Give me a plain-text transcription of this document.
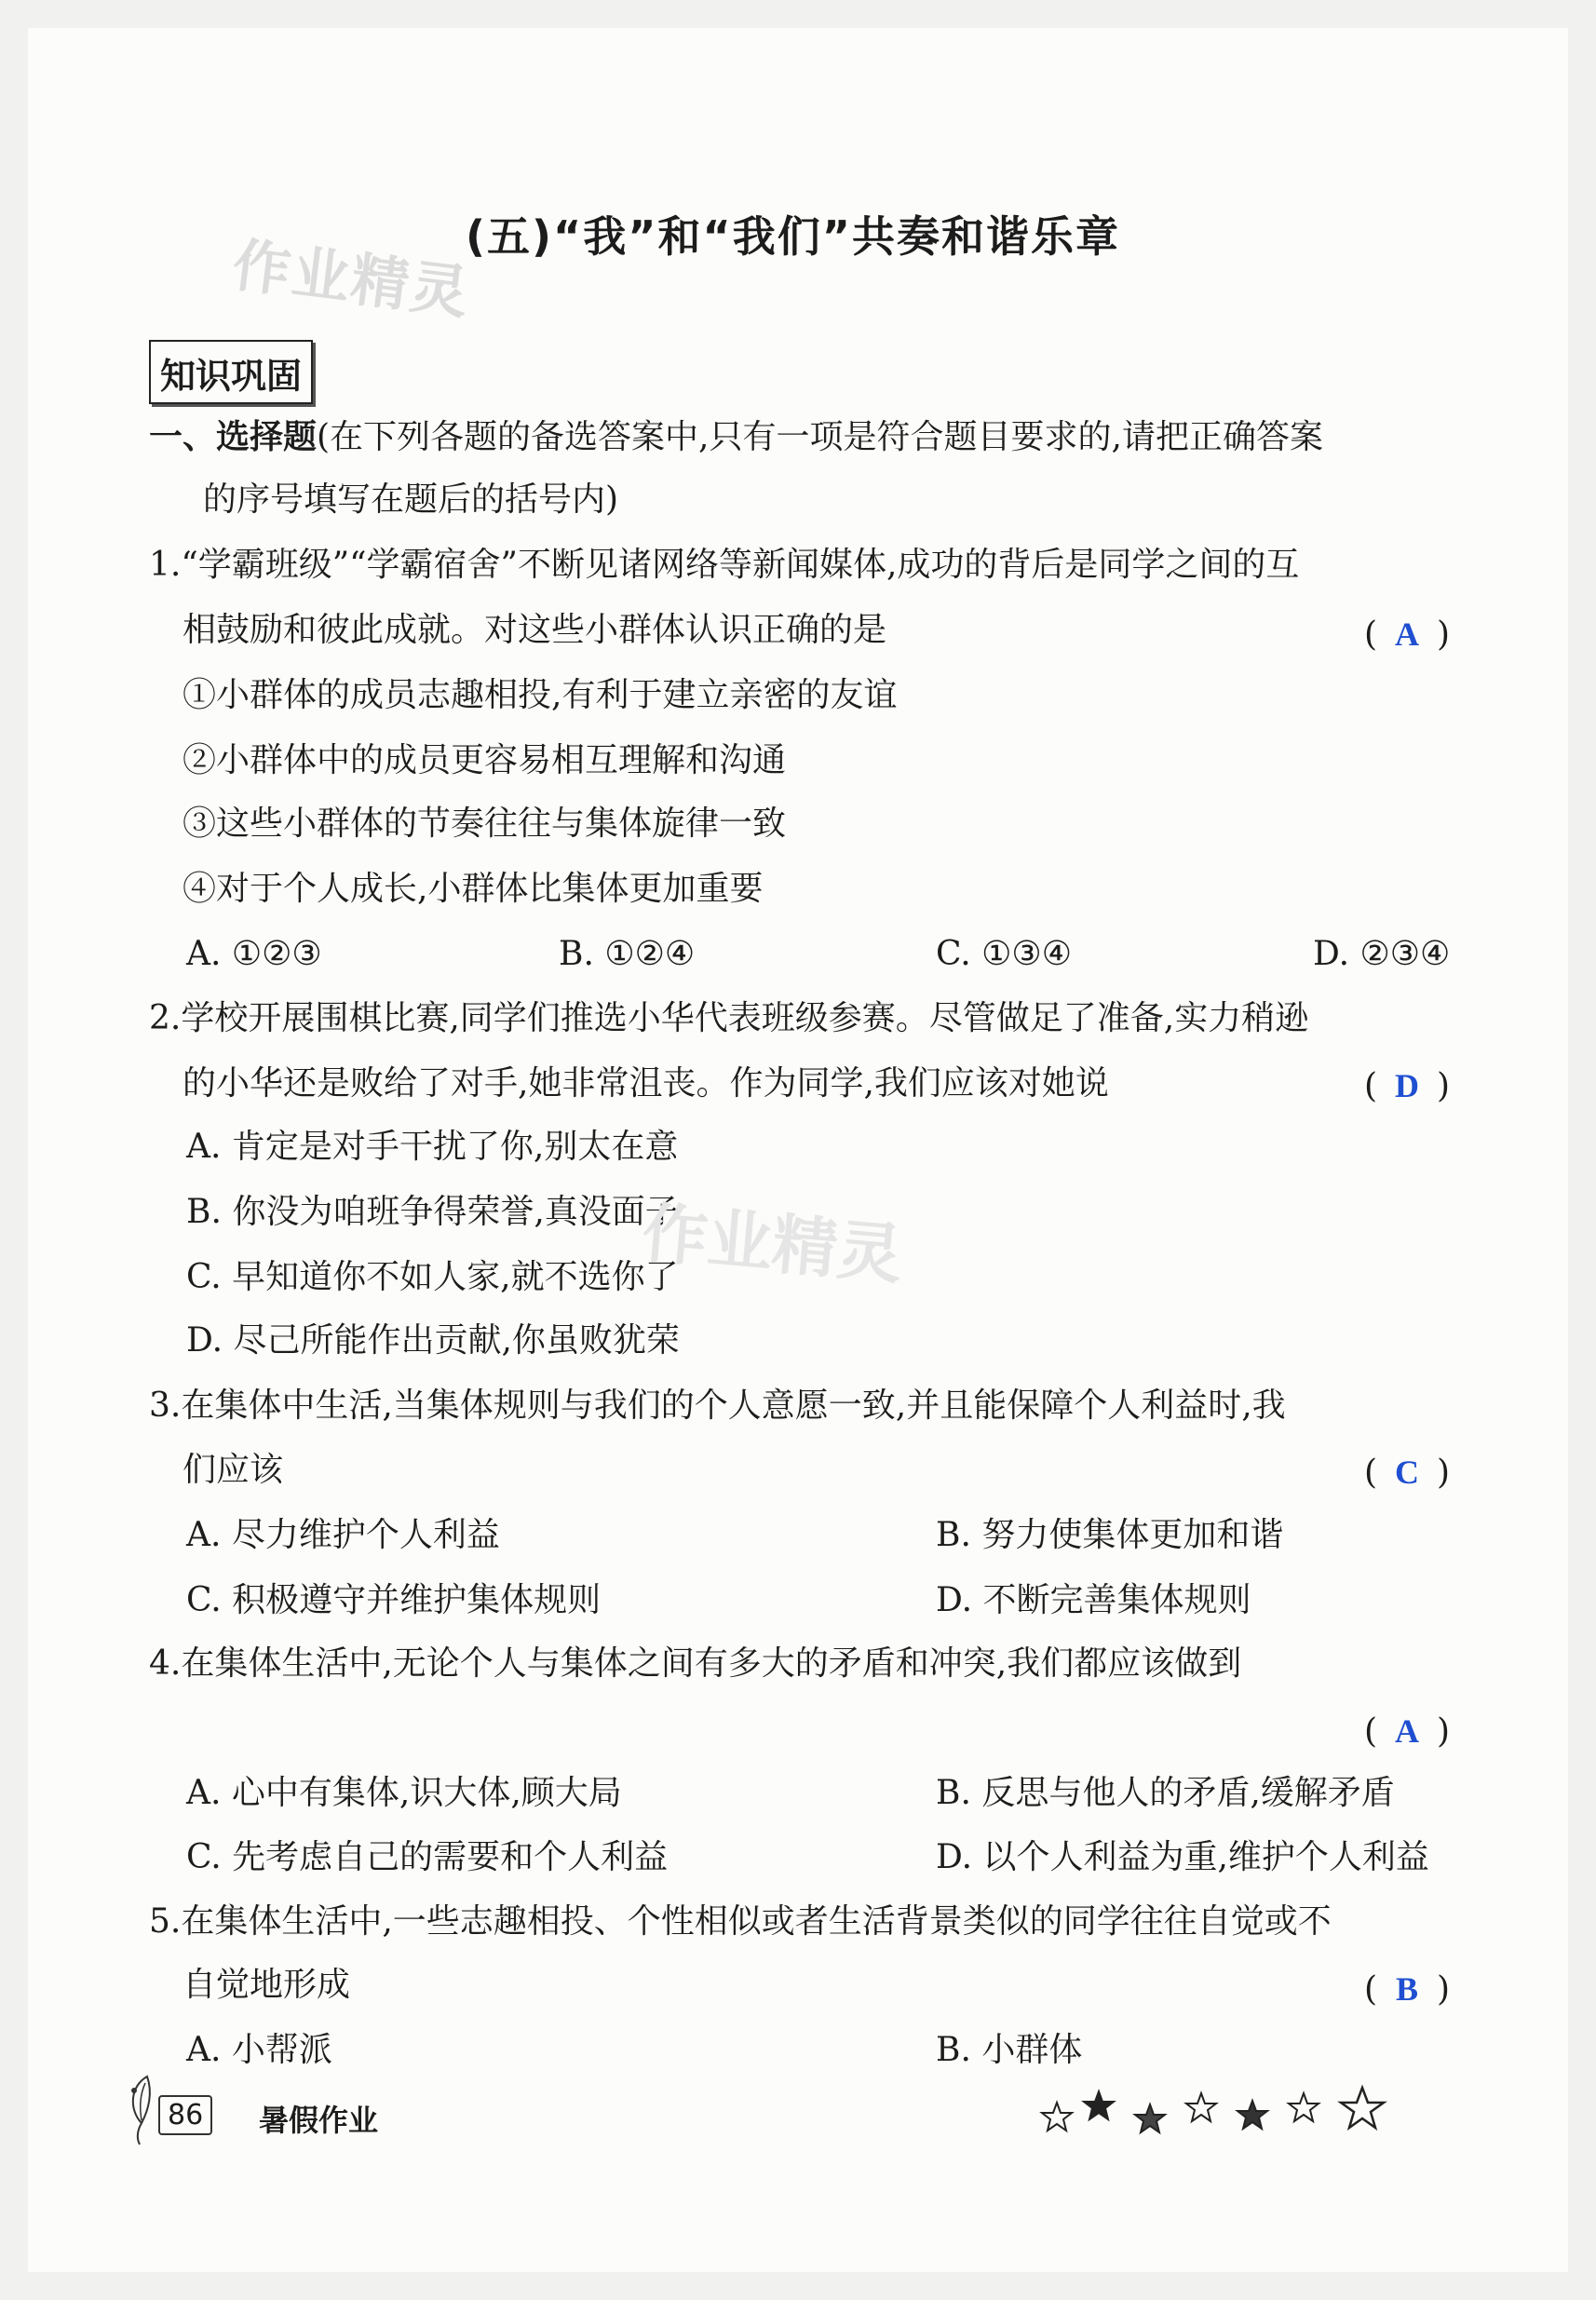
作业精灵
(五)“我”和“我们”共奏和谐乐章
知识巩固
一、选择题(在下列各题的备选答案中,只有一项是符合题目要求的,请把正确答案
的序号填写在题后的括号内)
1.“学霸班级”“学霸宿舍”不断见诸网络等新闻媒体,成功的背后是同学之间的互
相鼓励和彼此成就。对这些小群体认识正确的是	( A )
①小群体的成员志趣相投,有利于建立亲密的友谊
②小群体中的成员更容易相互理解和沟通
③这些小群体的节奏往往与集体旋律一致
④对于个人成长,小群体比集体更加重要
A. ①②③	B. ①②④	C. ①③④	D. ②③④
2.学校开展围棋比赛,同学们推选小华代表班级参赛。尽管做足了准备,实力稍逊
的小华还是败给了对手,她非常沮丧。作为同学,我们应该对她说	( D )
A. 肯定是对手干扰了你,别太在意
B. 你没为咱班争得荣誉,真没面子
C. 早知道你不如人家,就不选你了
D. 尽己所能作出贡献,你虽败犹荣
作业精灵
3.在集体中生活,当集体规则与我们的个人意愿一致,并且能保障个人利益时,我
们应该	( C )
A. 尽力维护个人利益	B. 努力使集体更加和谐
C. 积极遵守并维护集体规则	D. 不断完善集体规则
4.在集体生活中,无论个人与集体之间有多大的矛盾和冲突,我们都应该做到
( A )
A. 心中有集体,识大体,顾大局	B. 反思与他人的矛盾,缓解矛盾
C. 先考虑自己的需要和个人利益	D. 以个人利益为重,维护个人利益
5.在集体生活中,一些志趣相投、个性相似或者生活背景类似的同学往往自觉或不
自觉地形成	( B )
A. 小帮派	B. 小群体
86	暑假作业
